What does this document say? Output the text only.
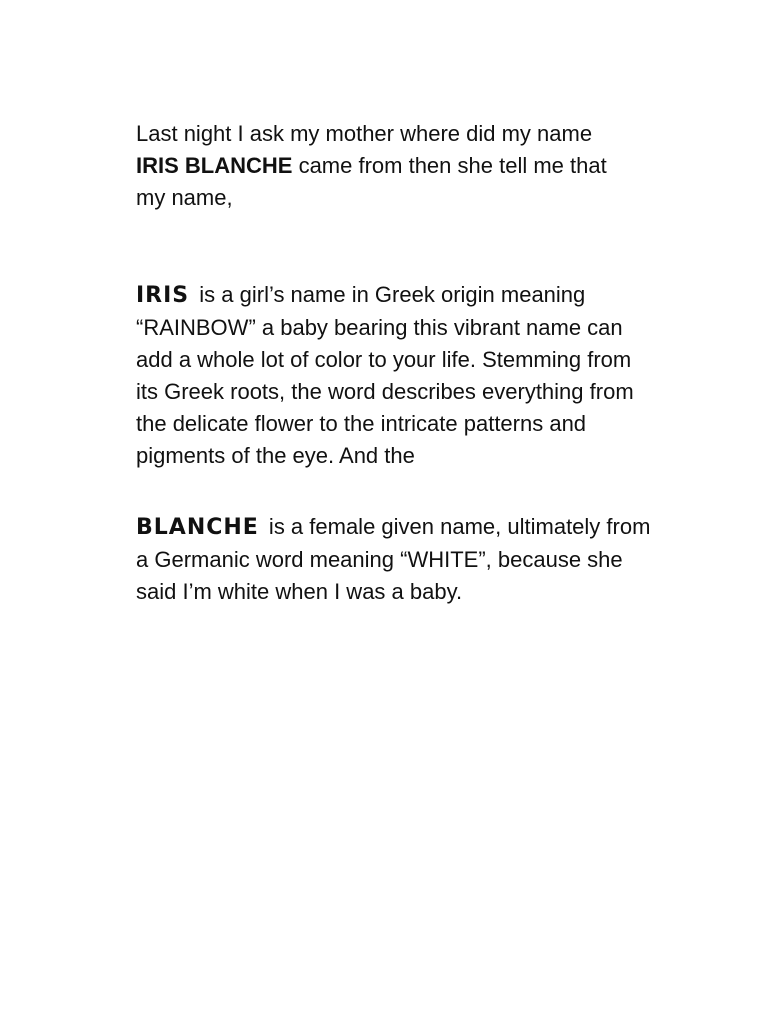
Last night I ask my mother where did my name IRIS BLANCHE came from then she tell me that my name,

IRIS is a girl’s name in Greek origin meaning “RAINBOW” a baby bearing this vibrant name can add a whole lot of color to your life. Stemming from its Greek roots, the word describes everything from the delicate flower to the intricate patterns and pigments of the eye. And the

BLANCHE is a female given name, ultimately from a Germanic word meaning “WHITE”, because she said I’m white when I was a baby.
